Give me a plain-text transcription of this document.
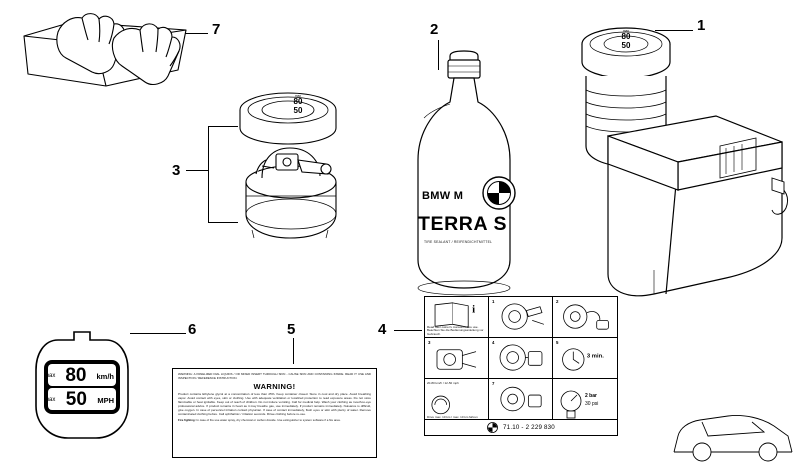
7	2	1
3
6	5	4
max
80
50
BMW M
TERRA S
TIRE SEALANT / REIFENDICHTMITTEL
max
80
50
max 80 km/h
max 50 MPH
WARNING: A PANELIZED DIAL LIQUIDS / OR MIXED INSERT THROUGH SKIN - CAUSE SKIN AND CONTAINING INSIDE. READ IT USE AND INSPECTION / REFERENCE INSTRUCTION.
WARNING!
Product contains Ethylene glycol at a concentration of less than 25%. Keep container closed. Store in cool and dry place. Avoid breathing vapor. Avoid contact with eyes, skin or clothing. Use with adequate ventilation or localized protection to read exposure areas. Do not store flammable or heat ignitable. Keep out of reach of children. Do not induce vomiting. Call for medical help. Wash your clothing as mouth-to-eye professional advice. If product remains in heart as it may breathe gas, use immediately. If product remains immediately. Nuisance is difficult, give oxygen. In case of personnel irritation contact physician. If case of contact immediately, flush eyes or skin with plenty of water. Remove contaminated clothing before. Call ophthalmic / irritation seconds. Rinse clothing before re-use.
Fire fighting: In case of fire use water spray, dry chemical or carbon dioxide. Use extinguisher to system software if a fire area.
i
Read user owner's manual before use. Beachten Sie die Bedienungsanleitung vor Gebrauch.
1	2
3	4
3 min.
5
20-80 km/h / 12-50 mph
Drive max. 10 km / max. 10 km fahren
7
2 bar
30 psi
71.10 - 2 229 830
